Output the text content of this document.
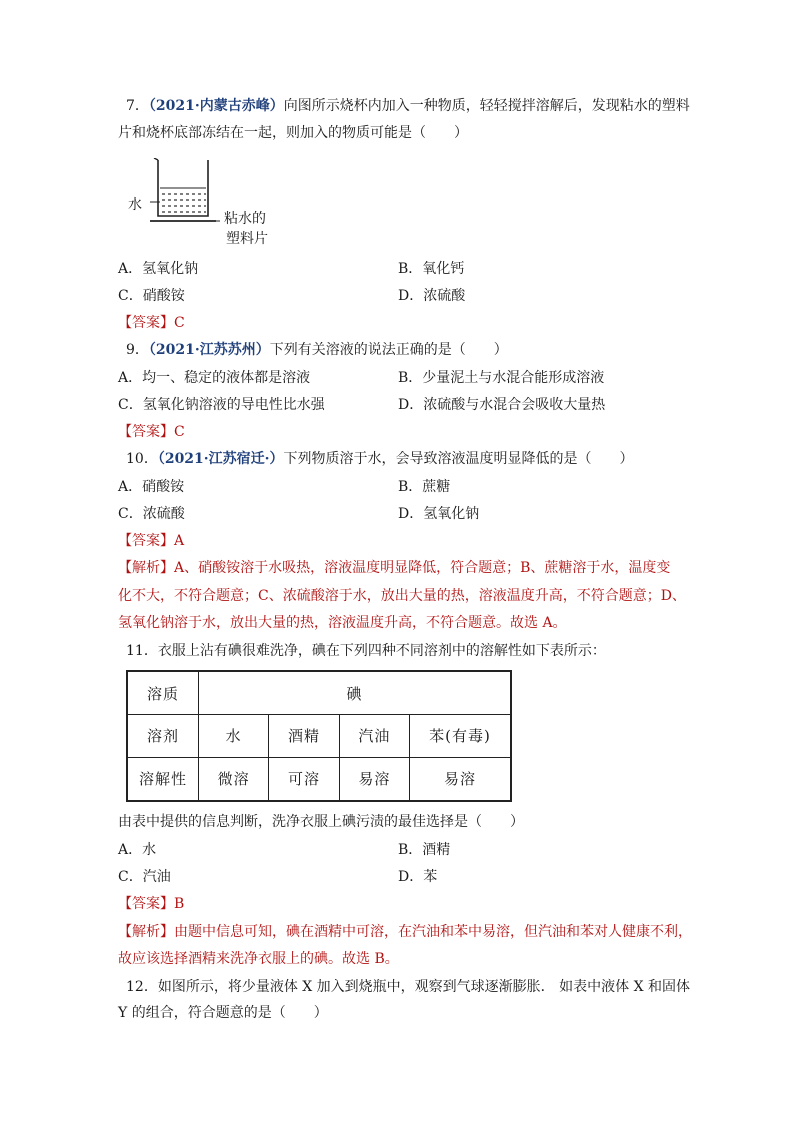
7．（2021·内蒙古赤峰）向图所示烧杯内加入一种物质，轻轻搅拌溶解后，发现粘水的塑料
片和烧杯底部冻结在一起，则加入的物质可能是（　　）
水
粘水的
塑料片
A．氢氧化钠	B．氧化钙
C．硝酸铵	D．浓硫酸
【答案】C
9．（2021·江苏苏州）下列有关溶液的说法正确的是（　　）
A．均一、稳定的液体都是溶液	B．少量泥土与水混合能形成溶液
C．氢氧化钠溶液的导电性比水强	D．浓硫酸与水混合会吸收大量热
【答案】C
10．（2021·江苏宿迁·）下列物质溶于水，会导致溶液温度明显降低的是（　　）
A．硝酸铵	B．蔗糖
C．浓硫酸	D．氢氧化钠
【答案】A
【解析】A、硝酸铵溶于水吸热，溶液温度明显降低，符合题意；B、蔗糖溶于水，温度变
化不大，不符合题意；C、浓硫酸溶于水，放出大量的热，溶液温度升高，不符合题意；D、
氢氧化钠溶于水，放出大量的热，溶液温度升高，不符合题意。故选 A。
11．衣服上沾有碘很难洗净，碘在下列四种不同溶剂中的溶解性如下表所示：
溶质	碘			
溶剂	水	酒精	汽油	苯(有毒)
溶解性	微溶	可溶	易溶	易溶
由表中提供的信息判断，洗净衣服上碘污渍的最佳选择是（　　）
A．水	B．酒精
C．汽油	D．苯
【答案】B
【解析】由题中信息可知，碘在酒精中可溶，在汽油和苯中易溶，但汽油和苯对人健康不利，
故应该选择酒精来洗净衣服上的碘。故选 B。
12．如图所示，将少量液体 X 加入到烧瓶中，观察到气球逐渐膨胀． 如表中液体 X 和固体
Y 的组合，符合题意的是（　　）
